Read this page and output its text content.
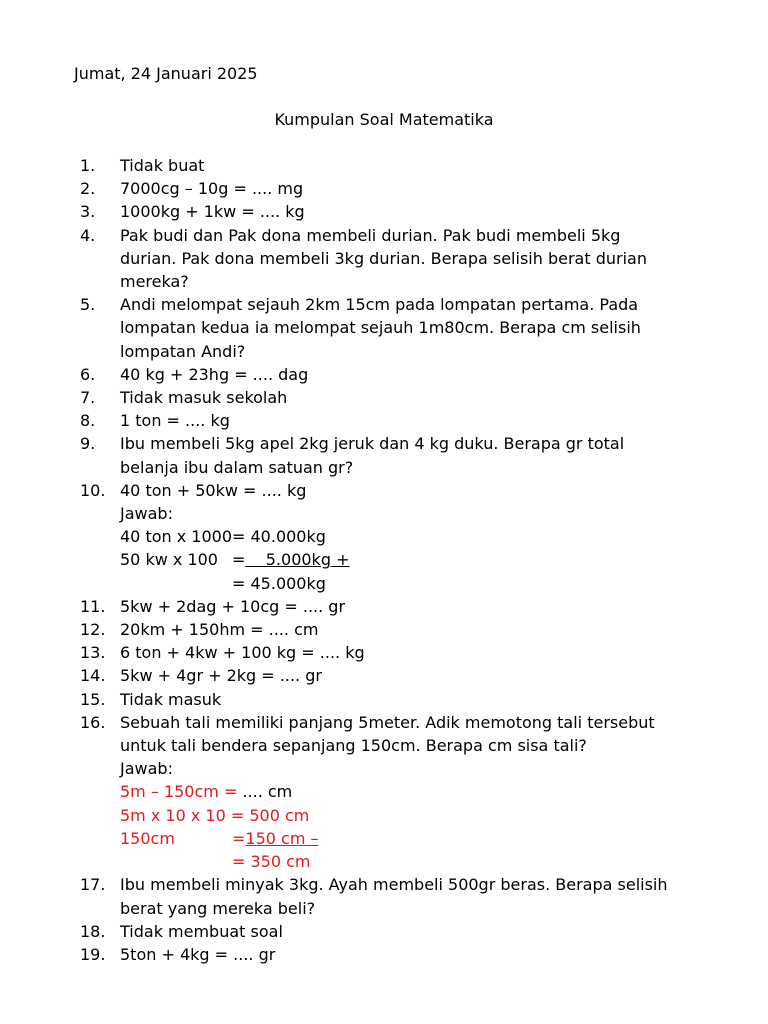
Jumat, 24 Januari 2025
Kumpulan Soal Matematika
1. Tidak buat
2. 7000cg – 10g = .... mg
3. 1000kg + 1kw = .... kg
4. Pak budi dan Pak dona membeli durian. Pak budi membeli 5kg
durian. Pak dona membeli 3kg durian. Berapa selisih berat durian
mereka?
5. Andi melompat sejauh 2km 15cm pada lompatan pertama. Pada
lompatan kedua ia melompat sejauh 1m80cm. Berapa cm selisih
lompatan Andi?
6. 40 kg + 23hg = .... dag
7. Tidak masuk sekolah
8. 1 ton = .... kg
9. Ibu membeli 5kg apel 2kg jeruk dan 4 kg duku. Berapa gr total
belanja ibu dalam satuan gr?
10. 40 ton + 50kw = .... kg
Jawab:
40 ton x 1000= 40.000kg
50 kw x 100 =    5.000kg +
= 45.000kg
11. 5kw + 2dag + 10cg = .... gr
12. 20km + 150hm = .... cm
13. 6 ton + 4kw + 100 kg = .... kg
14. 5kw + 4gr + 2kg = .... gr
15. Tidak masuk
16. Sebuah tali memiliki panjang 5meter. Adik memotong tali tersebut
untuk tali bendera sepanjang 150cm. Berapa cm sisa tali?
Jawab:
5m – 150cm = .... cm
5m x 10 x 10 = 500 cm
150cm	=150 cm –
= 350 cm
17. Ibu membeli minyak 3kg. Ayah membeli 500gr beras. Berapa selisih
berat yang mereka beli?
18. Tidak membuat soal
19. 5ton + 4kg = .... gr
